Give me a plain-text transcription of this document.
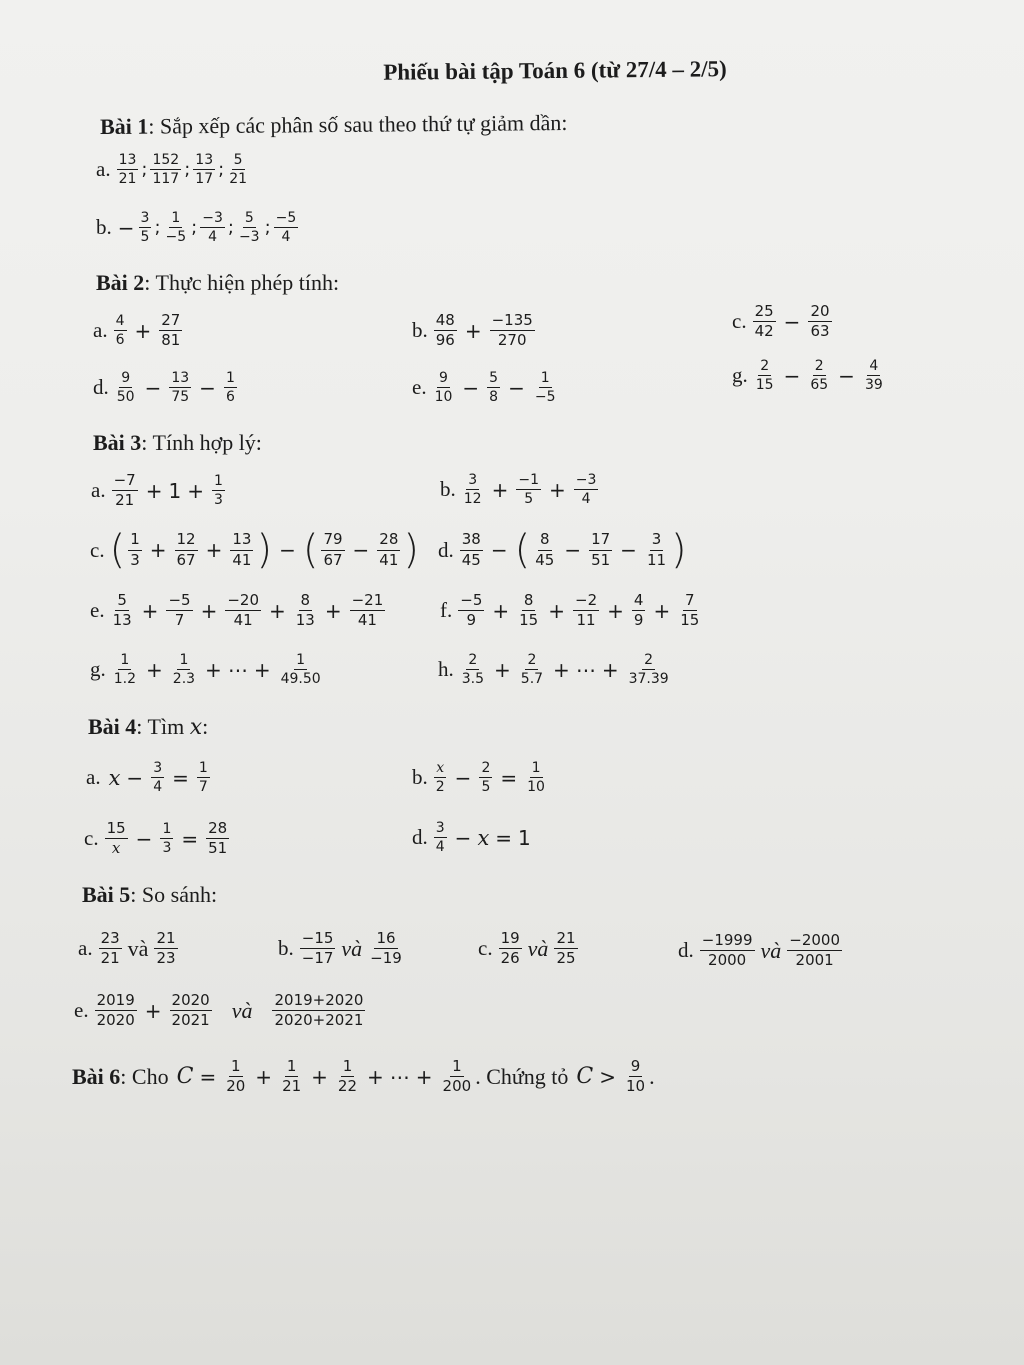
Phiếu bài tập Toán 6 (từ 27/4 – 2/5)
Bài 1: Sắp xếp các phân số sau theo thứ tự giảm dần:
a. $\frac{13}{21}$ ; $\frac{152}{117}$ ; $\frac{13}{17}$ ; $\frac{5}{21}$
b. − $\frac{3}{5}$ ; $\frac{1}{-5}$ ; $\frac{-3}{4}$ ; $\frac{5}{-3}$ ; $\frac{-5}{4}$
Bài 2: Thực hiện phép tính:
a. $\frac{4}{6} + \frac{27}{81}$	b. $\frac{48}{96} + \frac{-135}{270}$	c. $\frac{25}{42} - \frac{20}{63}$
d. $\frac{9}{50} - \frac{13}{75} - \frac{1}{6}$	e. $\frac{9}{10} - \frac{5}{8} - \frac{1}{-5}$	g. $\frac{2}{15} - \frac{2}{65} - \frac{4}{39}$
Bài 3: Tính hợp lý:
a. $\frac{-7}{21} + 1 + \frac{1}{3}$	b. $\frac{3}{12} + \frac{-1}{5} + \frac{-3}{4}$
c. ( $\frac{1}{3} + \frac{12}{67} + \frac{13}{41}$ ) − ( $\frac{79}{67} - \frac{28}{41}$ ) d. $\frac{38}{45}$ − ( $\frac{8}{45} - \frac{17}{51} - \frac{3}{11}$ )
e. $\frac{5}{13} + \frac{-5}{7} + \frac{-20}{41} + \frac{8}{13} + \frac{-21}{41}$	f. $\frac{-5}{9} + \frac{8}{15} + \frac{-2}{11} + \frac{4}{9} + \frac{7}{15}$
g. $\frac{1}{1.2} + \frac{1}{2.3}$ + ⋯ + $\frac{1}{49.50}$	h. $\frac{2}{3.5} + \frac{2}{5.7}$ + ⋯ + $\frac{2}{37.39}$
Bài 4: Tìm x:
a. $x - \frac{3}{4} = \frac{1}{7}$	b. $\frac{x}{2} - \frac{2}{5} = \frac{1}{10}$
c. $\frac{15}{x} - \frac{1}{3} = \frac{28}{51}$	d. $\frac{3}{4} - x = 1$
Bài 5: So sánh:
a. $\frac{23}{21}$ và $\frac{21}{23}$	b. $\frac{-15}{-17}$ và $\frac{16}{-19}$	c. $\frac{19}{26}$ và $\frac{21}{25}$	d. $\frac{-1999}{2000}$ và $\frac{-2000}{2001}$
e. $\frac{2019}{2020} + \frac{2020}{2021}$ và $\frac{2019+2020}{2020+2021}$
Bài 6 : Cho $C = \frac{1}{20} + \frac{1}{21} + \frac{1}{22}$ + ⋯ + $\frac{1}{200}$ . Chứng tỏ $C > \frac{9}{10}$ .
